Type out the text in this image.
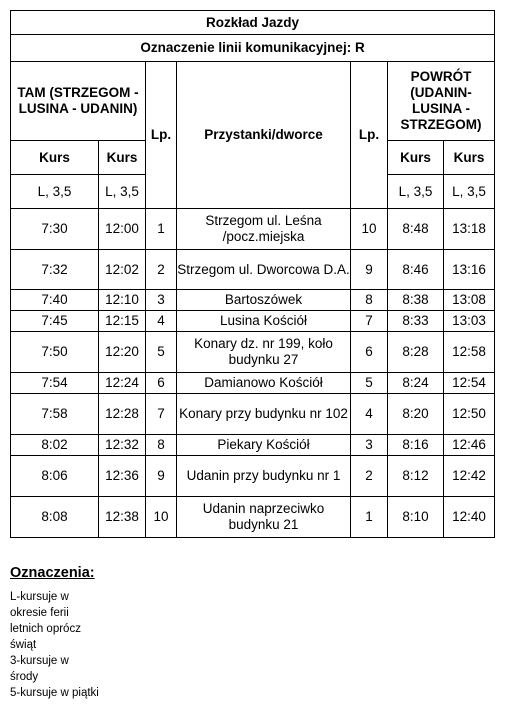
Rozkład Jazdy						
Oznaczenie linii komunikacyjnej: R						
TAM (STRZEGOM - LUSINA - UDANIN)		Lp.	Przystanki/dworce	Lp.	POWRÓT (UDANIN- LUSINA - STRZEGOM)	
Kurs	Kurs				Kurs	Kurs
L, 3,5	L, 3,5				L, 3,5	L, 3,5
7:30	12:00	1	Strzegom ul. Leśna /pocz.miejska	10	8:48	13:18
7:32	12:02	2	Strzegom ul. Dworcowa D.A.	9	8:46	13:16
7:40	12:10	3	Bartoszówek	8	8:38	13:08
7:45	12:15	4	Lusina Kościół	7	8:33	13:03
7:50	12:20	5	Konary dz. nr 199, koło budynku 27	6	8:28	12:58
7:54	12:24	6	Damianowo Kościół	5	8:24	12:54
7:58	12:28	7	Konary przy budynku nr 102	4	8:20	12:50
8:02	12:32	8	Piekary Kościół	3	8:16	12:46
8:06	12:36	9	Udanin przy budynku nr 1	2	8:12	12:42
8:08	12:38	10	Udanin naprzeciwko budynku 21	1	8:10	12:40
Oznaczenia:
L-kursuje w
okresie ferii
letnich oprócz
świąt
3-kursuje w
środy
5-kursuje w piątki
